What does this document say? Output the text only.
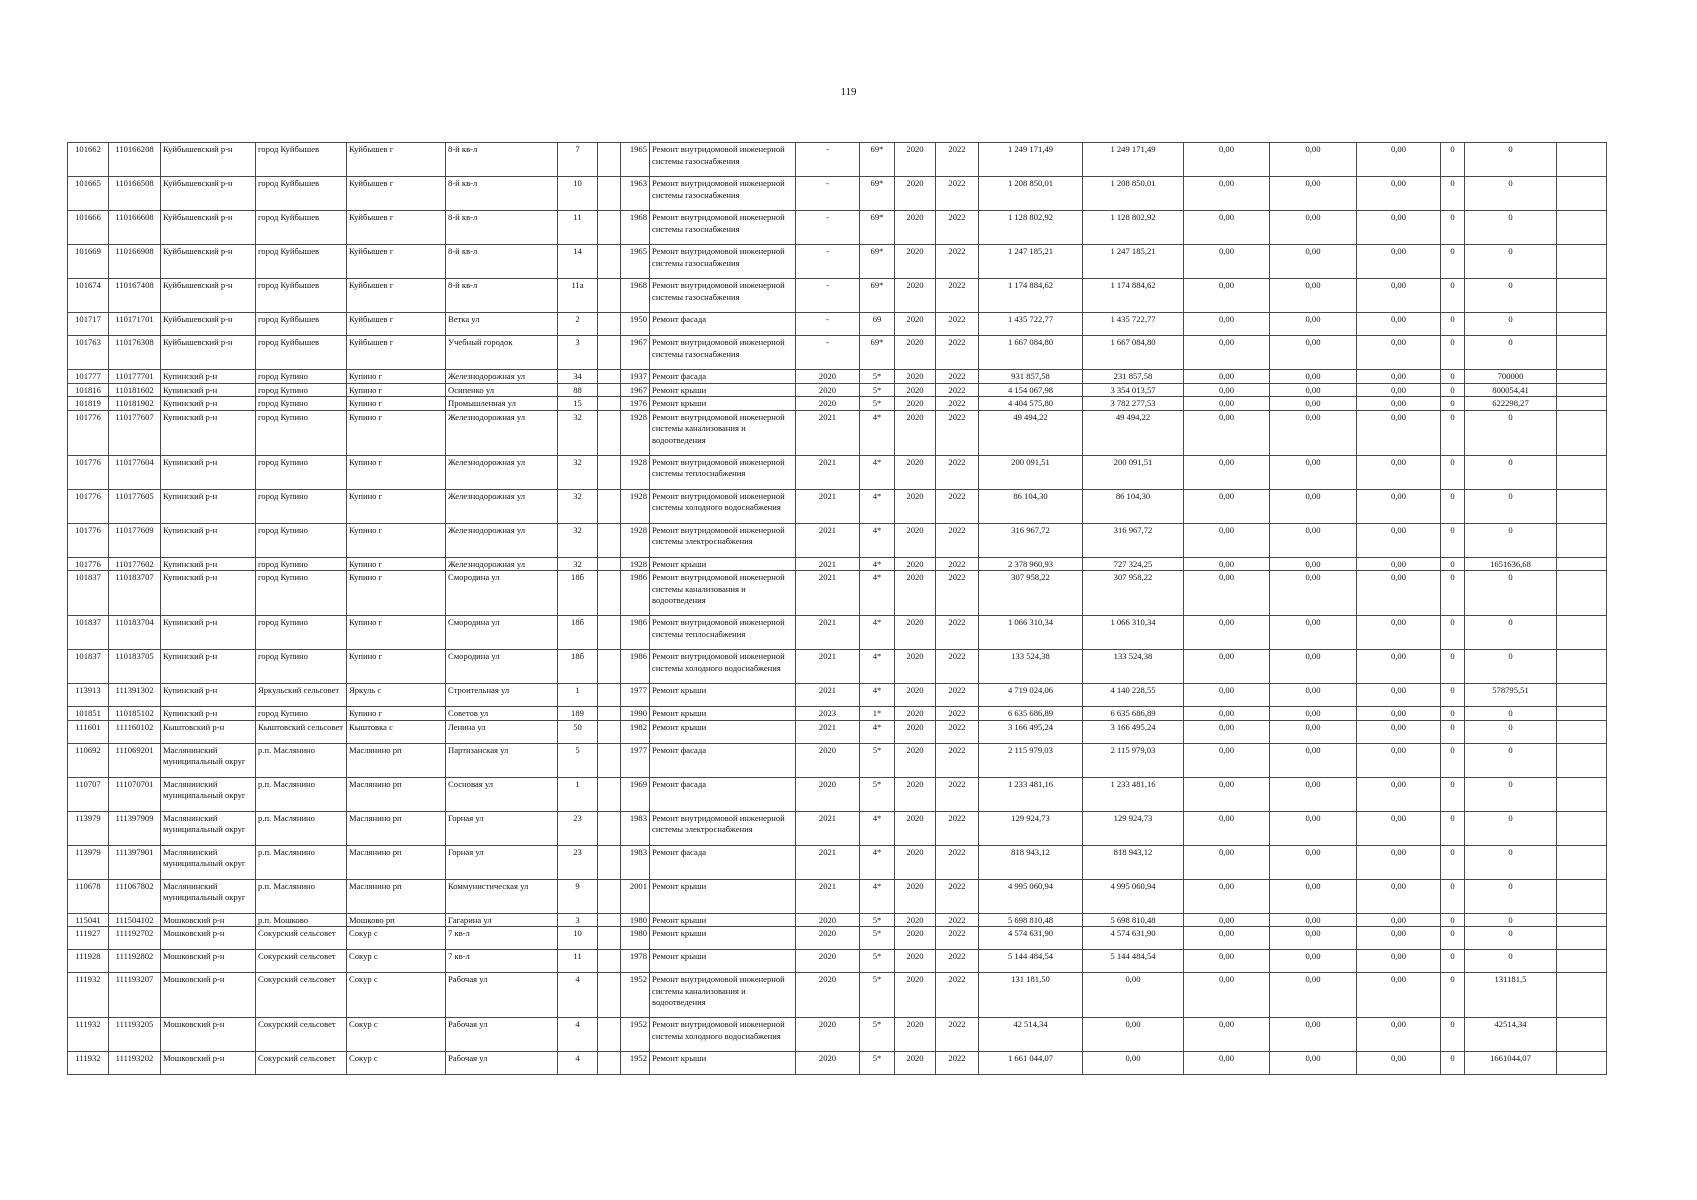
119
101662	110166208	Куйбышевский р-н	город Куйбышев	Куйбышев г	8-й кв-л	7		1965	Ремонт внутридомовой инженерной системы газоснабжения	-	69*	2020	2022	1 249 171,49	1 249 171,49	0,00	0,00	0,00	0	0	
101665	110166508	Куйбышевский р-н	город Куйбышев	Куйбышев г	8-й кв-л	10		1963	Ремонт внутридомовой инженерной системы газоснабжения	-	69*	2020	2022	1 208 850,01	1 208 850,01	0,00	0,00	0,00	0	0	
101666	110166608	Куйбышевский р-н	город Куйбышев	Куйбышев г	8-й кв-л	11		1968	Ремонт внутридомовой инженерной системы газоснабжения	-	69*	2020	2022	1 128 802,92	1 128 802,92	0,00	0,00	0,00	0	0	
101669	110166908	Куйбышевский р-н	город Куйбышев	Куйбышев г	8-й кв-л	14		1965	Ремонт внутридомовой инженерной системы газоснабжения	-	69*	2020	2022	1 247 185,21	1 247 185,21	0,00	0,00	0,00	0	0	
101674	110167408	Куйбышевский р-н	город Куйбышев	Куйбышев г	8-й кв-л	11а		1968	Ремонт внутридомовой инженерной системы газоснабжения	-	69*	2020	2022	1 174 884,62	1 174 884,62	0,00	0,00	0,00	0	0	
101717	110171701	Куйбышевский р-н	город Куйбышев	Куйбышев г	Ветка ул	2		1950	Ремонт фасада	-	69	2020	2022	1 435 722,77	1 435 722,77	0,00	0,00	0,00	0	0	
101763	110176308	Куйбышевский р-н	город Куйбышев	Куйбышев г	Учебный городок	3		1967	Ремонт внутридомовой инженерной системы газоснабжения	-	69*	2020	2022	1 667 084,80	1 667 084,80	0,00	0,00	0,00	0	0	
101777	110177701	Купинский р-н	город Купино	Купино г	Железнодорожная ул	34		1937	Ремонт фасада	2020	5*	2020	2022	931 857,58	231 857,58	0,00	0,00	0,00	0	700000	
101816	110181602	Купинский р-н	город Купино	Купино г	Осипенко ул	88		1967	Ремонт крыши	2020	5*	2020	2022	4 154 067,98	3 354 013,57	0,00	0,00	0,00	0	800054,41	
101819	110181902	Купинский р-н	город Купино	Купино г	Промышленная ул	15		1976	Ремонт крыши	2020	5*	2020	2022	4 404 575,80	3 782 277,53	0,00	0,00	0,00	0	622298,27	
101776	110177607	Купинский р-н	город Купино	Купино г	Железнодорожная ул	32		1928	Ремонт внутридомовой инженерной системы канализования и водоотведения	2021	4*	2020	2022	49 494,22	49 494,22	0,00	0,00	0,00	0	0	
101776	110177604	Купинский р-н	город Купино	Купино г	Железнодорожная ул	32		1928	Ремонт внутридомовой инженерной системы теплоснабжения	2021	4*	2020	2022	200 091,51	200 091,51	0,00	0,00	0,00	0	0	
101776	110177605	Купинский р-н	город Купино	Купино г	Железнодорожная ул	32		1928	Ремонт внутридомовой инженерной системы холодного водоснабжения	2021	4*	2020	2022	86 104,30	86 104,30	0,00	0,00	0,00	0	0	
101776	110177609	Купинский р-н	город Купино	Купино г	Железнодорожная ул	32		1928	Ремонт внутридомовой инженерной системы электроснабжения	2021	4*	2020	2022	316 967,72	316 967,72	0,00	0,00	0,00	0	0	
101776	110177602	Купинский р-н	город Купино	Купино г	Железнодорожная ул	32		1928	Ремонт крыши	2021	4*	2020	2022	2 378 960,93	727 324,25	0,00	0,00	0,00	0	1651636,68	
101837	110183707	Купинский р-н	город Купино	Купино г	Смородина ул	18б		1986	Ремонт внутридомовой инженерной системы канализования и водоотведения	2021	4*	2020	2022	307 958,22	307 958,22	0,00	0,00	0,00	0	0	
101837	110183704	Купинский р-н	город Купино	Купино г	Смородина ул	18б		1986	Ремонт внутридомовой инженерной системы теплоснабжения	2021	4*	2020	2022	1 066 310,34	1 066 310,34	0,00	0,00	0,00	0	0	
101837	110183705	Купинский р-н	город Купино	Купино г	Смородина ул	18б		1986	Ремонт внутридомовой инженерной системы холодного водоснабжения	2021	4*	2020	2022	133 524,38	133 524,38	0,00	0,00	0,00	0	0	
113913	111391302	Купинский р-н	Яркульский сельсовет	Яркуль с	Строительная ул	1		1977	Ремонт крыши	2021	4*	2020	2022	4 719 024,06	4 140 228,55	0,00	0,00	0,00	0	578795,51	
101851	110185102	Купинский р-н	город Купино	Купино г	Советов ул	189		1990	Ремонт крыши	2023	1*	2020	2022	6 635 686,89	6 635 686,89	0,00	0,00	0,00	0	0	
111601	111160102	Кыштовский р-н	Кыштовский сельсовет	Кыштовка с	Ленина ул	50		1982	Ремонт крыши	2021	4*	2020	2022	3 166 495,24	3 166 495,24	0,00	0,00	0,00	0	0	
110692	111069201	Маслянинский муниципальный округ	р.п. Маслянино	Маслянино рп	Партизанская ул	5		1977	Ремонт фасада	2020	5*	2020	2022	2 115 979,03	2 115 979,03	0,00	0,00	0,00	0	0	
110707	111070701	Маслянинский муниципальный округ	р.п. Маслянино	Маслянино рп	Сосновая ул	1		1969	Ремонт фасада	2020	5*	2020	2022	1 233 481,16	1 233 481,16	0,00	0,00	0,00	0	0	
113979	111397909	Маслянинский муниципальный округ	р.п. Маслянино	Маслянино рп	Горная ул	23		1983	Ремонт внутридомовой инженерной системы электроснабжения	2021	4*	2020	2022	129 924,73	129 924,73	0,00	0,00	0,00	0	0	
113979	111397901	Маслянинский муниципальный округ	р.п. Маслянино	Маслянино рп	Горная ул	23		1983	Ремонт фасада	2021	4*	2020	2022	818 943,12	818 943,12	0,00	0,00	0,00	0	0	
110678	111067802	Маслянинский муниципальный округ	р.п. Маслянино	Маслянино рп	Коммунистическая ул	9		2001	Ремонт крыши	2021	4*	2020	2022	4 995 060,94	4 995 060,94	0,00	0,00	0,00	0	0	
115041	111504102	Мошковский р-н	р.п. Мошково	Мошково рп	Гагарина ул	3		1980	Ремонт крыши	2020	5*	2020	2022	5 698 810,48	5 698 810,48	0,00	0,00	0,00	0	0	
111927	111192702	Мошковский р-н	Сокурский сельсовет	Сокур с	7 кв-л	10		1980	Ремонт крыши	2020	5*	2020	2022	4 574 631,90	4 574 631,90	0,00	0,00	0,00	0	0	
111928	111192802	Мошковский р-н	Сокурский сельсовет	Сокур с	7 кв-л	11		1978	Ремонт крыши	2020	5*	2020	2022	5 144 484,54	5 144 484,54	0,00	0,00	0,00	0	0	
111932	111193207	Мошковский р-н	Сокурский сельсовет	Сокур с	Рабочая ул	4		1952	Ремонт внутридомовой инженерной системы канализования и водоотведения	2020	5*	2020	2022	131 181,50	0,00	0,00	0,00	0,00	0	131181,5	
111932	111193205	Мошковский р-н	Сокурский сельсовет	Сокур с	Рабочая ул	4		1952	Ремонт внутридомовой инженерной системы холодного водоснабжения	2020	5*	2020	2022	42 514,34	0,00	0,00	0,00	0,00	0	42514,34	
111932	111193202	Мошковский р-н	Сокурский сельсовет	Сокур с	Рабочая ул	4		1952	Ремонт крыши	2020	5*	2020	2022	1 661 044,07	0,00	0,00	0,00	0,00	0	1661044,07	
